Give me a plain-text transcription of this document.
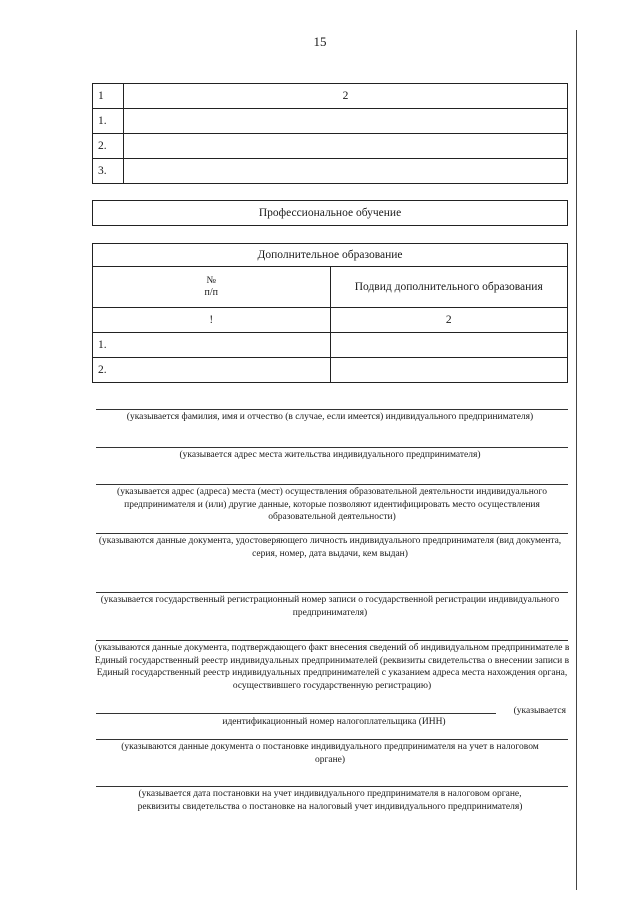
15
1	2
1.	
2.	
3.	
Профессиональное обучение
Дополнительное образование	

№
п/п	Подвид дополнительного образования
!	2
1.	
2.	
(указывается фамилия, имя и отчество (в случае, если имеется) индивидуального предпринимателя)
(указывается адрес места жительства индивидуального предпринимателя)
(указывается адрес (адреса) места (мест) осуществления образовательной деятельности индивидуального предпринимателя и (или) другие данные, которые позволяют идентифицировать место осуществления образовательной деятельности)
(указываются данные документа, удостоверяющего личность индивидуального предпринимателя (вид документа, серия, номер, дата выдачи, кем выдан)
(указывается государственный регистрационный номер записи о государственной регистрации индивидуального предпринимателя)
(указываются данные документа, подтверждающего факт внесения сведений об индивидуальном предпринимателе в Единый государственный реестр индивидуальных предпринимателей (реквизиты свидетельства о внесении записи в Единый государственный реестр индивидуальных предпринимателей с указанием адреса места нахождения органа, осуществившего государственную регистрацию)
(указывается
идентификационный номер налогоплательщика (ИНН)
(указываются данные документа о постановке индивидуального предпринимателя на учет в налоговом органе)
(указывается дата постановки на учет индивидуального предпринимателя в налоговом органе, реквизиты свидетельства о постановке на налоговый учет индивидуального предпринимателя)
